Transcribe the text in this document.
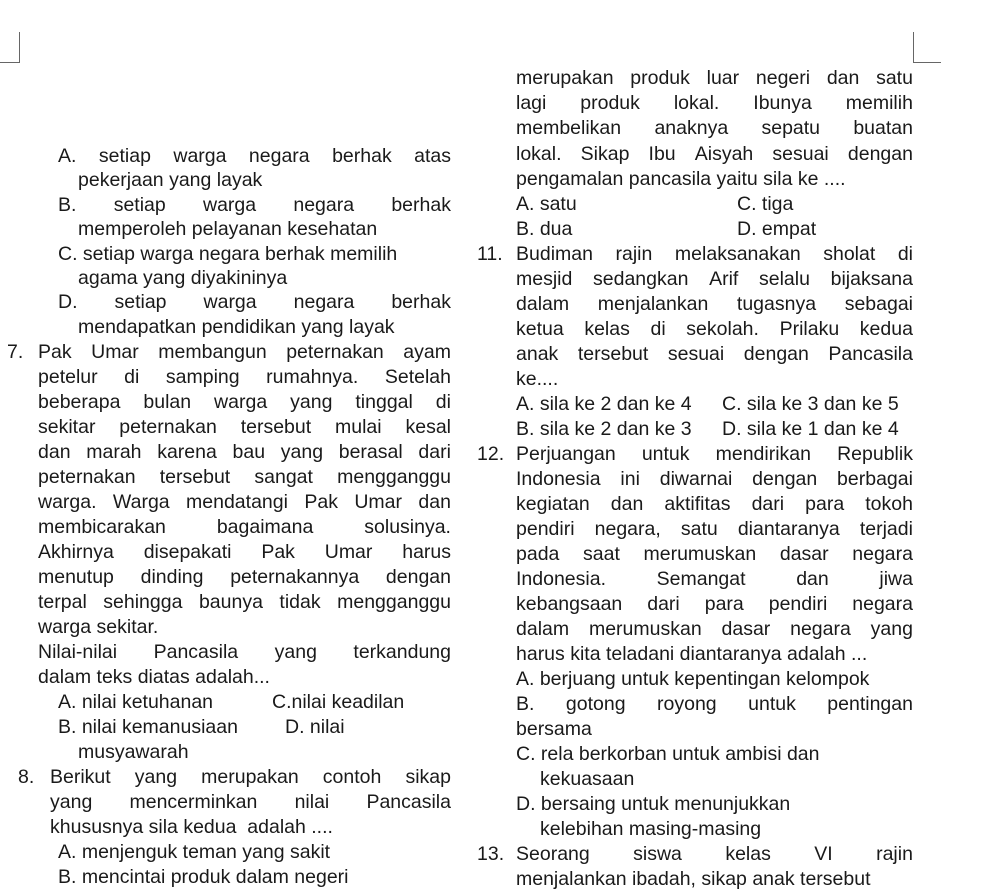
A. setiap warga negara berhak atas
pekerjaan yang layak
B. setiap warga negara berhak
memperoleh pelayanan kesehatan
C. setiap warga negara berhak memilih
agama yang diyakininya
D. setiap warga negara berhak
mendapatkan pendidikan yang layak
7. Pak Umar membangun peternakan ayam
petelur di samping rumahnya. Setelah
beberapa bulan warga yang tinggal di
sekitar peternakan tersebut mulai kesal
dan marah karena bau yang berasal dari
peternakan tersebut sangat mengganggu
warga. Warga mendatangi Pak Umar dan
membicarakan	bagaimana	solusinya.
Akhirnya disepakati Pak Umar harus
menutup dinding peternakannya dengan
terpal sehingga baunya tidak mengganggu
warga sekitar.
Nilai-nilai Pancasila yang terkandung
dalam teks diatas adalah...
A. nilai ketuhanan	C.nilai keadilan
B. nilai kemanusiaan D. nilai
musyawarah
8. Berikut yang merupakan contoh sikap
yang mencerminkan nilai Pancasila
khususnya sila kedua  adalah ....
A. menjenguk teman yang sakit
B. mencintai produk dalam negeri
merupakan produk luar negeri dan satu
lagi produk lokal. Ibunya memilih
membelikan anaknya sepatu buatan
lokal. Sikap Ibu Aisyah sesuai dengan
pengamalan pancasila yaitu sila ke ....
A. satu	C. tiga
B. dua	D. empat
11. Budiman rajin melaksanakan sholat di
mesjid sedangkan Arif selalu bijaksana
dalam menjalankan tugasnya sebagai
ketua kelas di sekolah. Prilaku kedua
anak tersebut sesuai dengan Pancasila
ke....
A. sila ke 2 dan ke 4 C. sila ke 3 dan ke 5
B. sila ke 2 dan ke 3 D. sila ke 1 dan ke 4
12. Perjuangan untuk mendirikan Republik
Indonesia ini diwarnai dengan berbagai
kegiatan dan aktifitas dari para tokoh
pendiri negara, satu diantaranya terjadi
pada saat merumuskan dasar negara
Indonesia.	Semangat	dan	jiwa
kebangsaan dari para pendiri negara
dalam merumuskan dasar negara yang
harus kita teladani diantaranya adalah ...
A. berjuang untuk kepentingan kelompok
B. gotong royong untuk pentingan
bersama
C. rela berkorban untuk ambisi dan
kekuasaan
D. bersaing untuk menunjukkan
kelebihan masing-masing
13. Seorang siswa kelas VI rajin
menjalankan ibadah, sikap anak tersebut
